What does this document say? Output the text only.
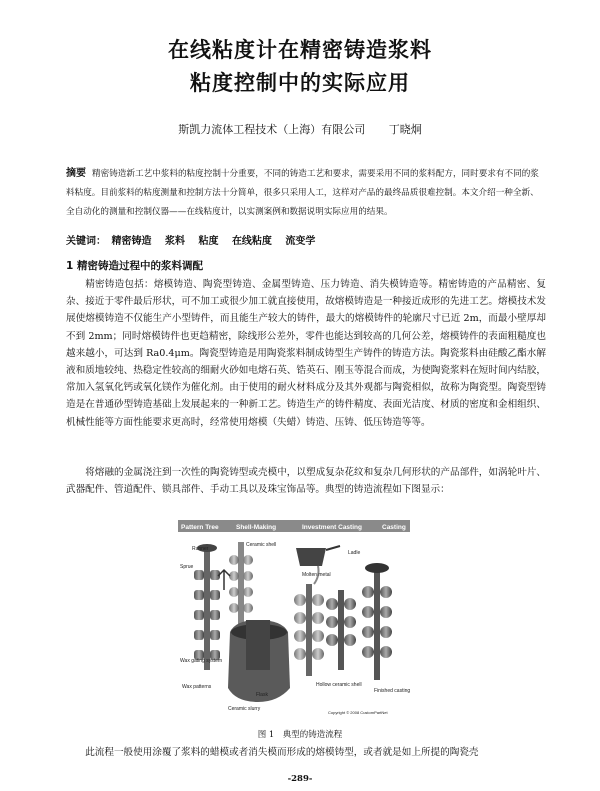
在线粘度计在精密铸造浆料
粘度控制中的实际应用
斯凯力流体工程技术（上海）有限公司 丁晓炯
摘要 精密铸造新工艺中浆料的粘度控制十分重要，不同的铸造工艺和要求，需要采用不同的浆料配方，同时要求有不同的浆料粘度。目前浆料的粘度测量和控制方法十分简单，很多只采用人工，这样对产品的最终品质很难控制。本文介绍一种全新、全自动化的测量和控制仪器——在线粘度计，以实测案例和数据说明实际应用的结果。
关键词： 精密铸造 浆料 粘度 在线粘度 流变学
1 精密铸造过程中的浆料调配
精密铸造包括：熔模铸造、陶瓷型铸造、金属型铸造、压力铸造、消失模铸造等。精密铸造的产品精密、复杂、接近于零件最后形状，可不加工或很少加工就直接使用，故熔模铸造是一种接近成形的先进工艺。熔模技术发展使熔模铸造不仅能生产小型铸件，而且能生产较大的铸件，最大的熔模铸件的轮廓尺寸已近 2m，而最小壁厚却不到 2mm；同时熔模铸件也更趋精密，除线形公差外，零件也能达到较高的几何公差，熔模铸件的表面粗糙度也越来越小，可达到 Ra0.4μm。陶瓷型铸造是用陶瓷浆料制成铸型生产铸件的铸造方法。陶瓷浆料由硅酸乙酯水解液和质地较纯、热稳定性较高的细耐火砂如电熔石英、锆英石、刚玉等混合而成，为使陶瓷浆料在短时间内结胶，常加入氢氧化钙或氧化镁作为催化剂。由于使用的耐火材料成分及其外观都与陶瓷相似，故称为陶瓷型。陶瓷型铸造是在普通砂型铸造基础上发展起来的一种新工艺。铸造生产的铸件精度、表面光洁度、材质的密度和金相组织、机械性能等方面性能要求更高时，经常使用熔模（失蜡）铸造、压铸、低压铸造等等。
将熔融的金属浇注到一次性的陶瓷铸型或壳模中，以塑成复杂花纹和复杂几何形状的产品部件，如涡轮叶片、武器配件、管道配件、锁具部件、手动工具以及珠宝饰品等。典型的铸造流程如下图显示：
Pattern Tree	Shell-Making	Investment Casting	Casting
Runner
Sprue
Ceramic shell
Ladle
Molten metal
Wax gating system
Wax patterns
Flask
Ceramic slurry
Hollow ceramic shell
Finished casting
Copyright © 2008 CustomPartNet
图 1　典型的铸造流程
此流程一般使用涂覆了浆料的蜡模或者消失模而形成的熔模铸型，或者就是如上所提的陶瓷壳
-289-
